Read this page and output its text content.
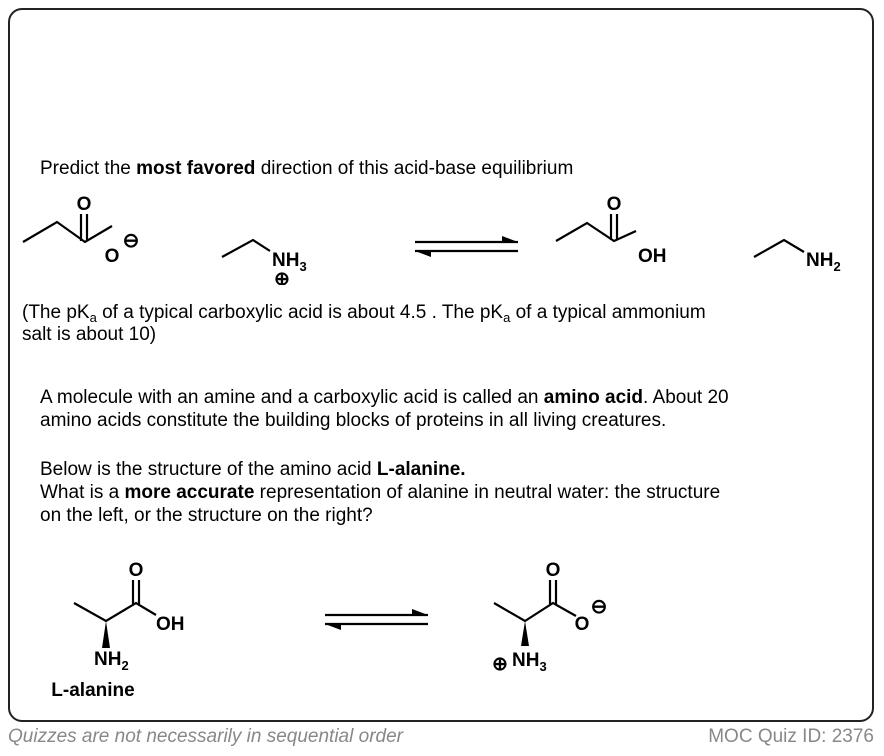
Predict the most favored direction of this acid-base equilibrium
O
O
⊖
$NH_3$
⊕
O
OH	$NH_2$
(The $pK_a$ of a typical carboxylic acid is about 4.5 . The $pK_a$ of a typical ammonium
salt is about 10)
A molecule with an amine and a carboxylic acid is called an amino acid. About 20
amino acids constitute the building blocks of proteins in all living creatures.
Below is the structure of the amino acid L-alanine.
What is a more accurate representation of alanine in neutral water: the structure
on the left, or the structure on the right?
O
OH
$NH_2$
L-alanine
O
O
⊖
$NH_3$
⊕
Quizzes are not necessarily in sequential order	MOC Quiz ID: 2376
